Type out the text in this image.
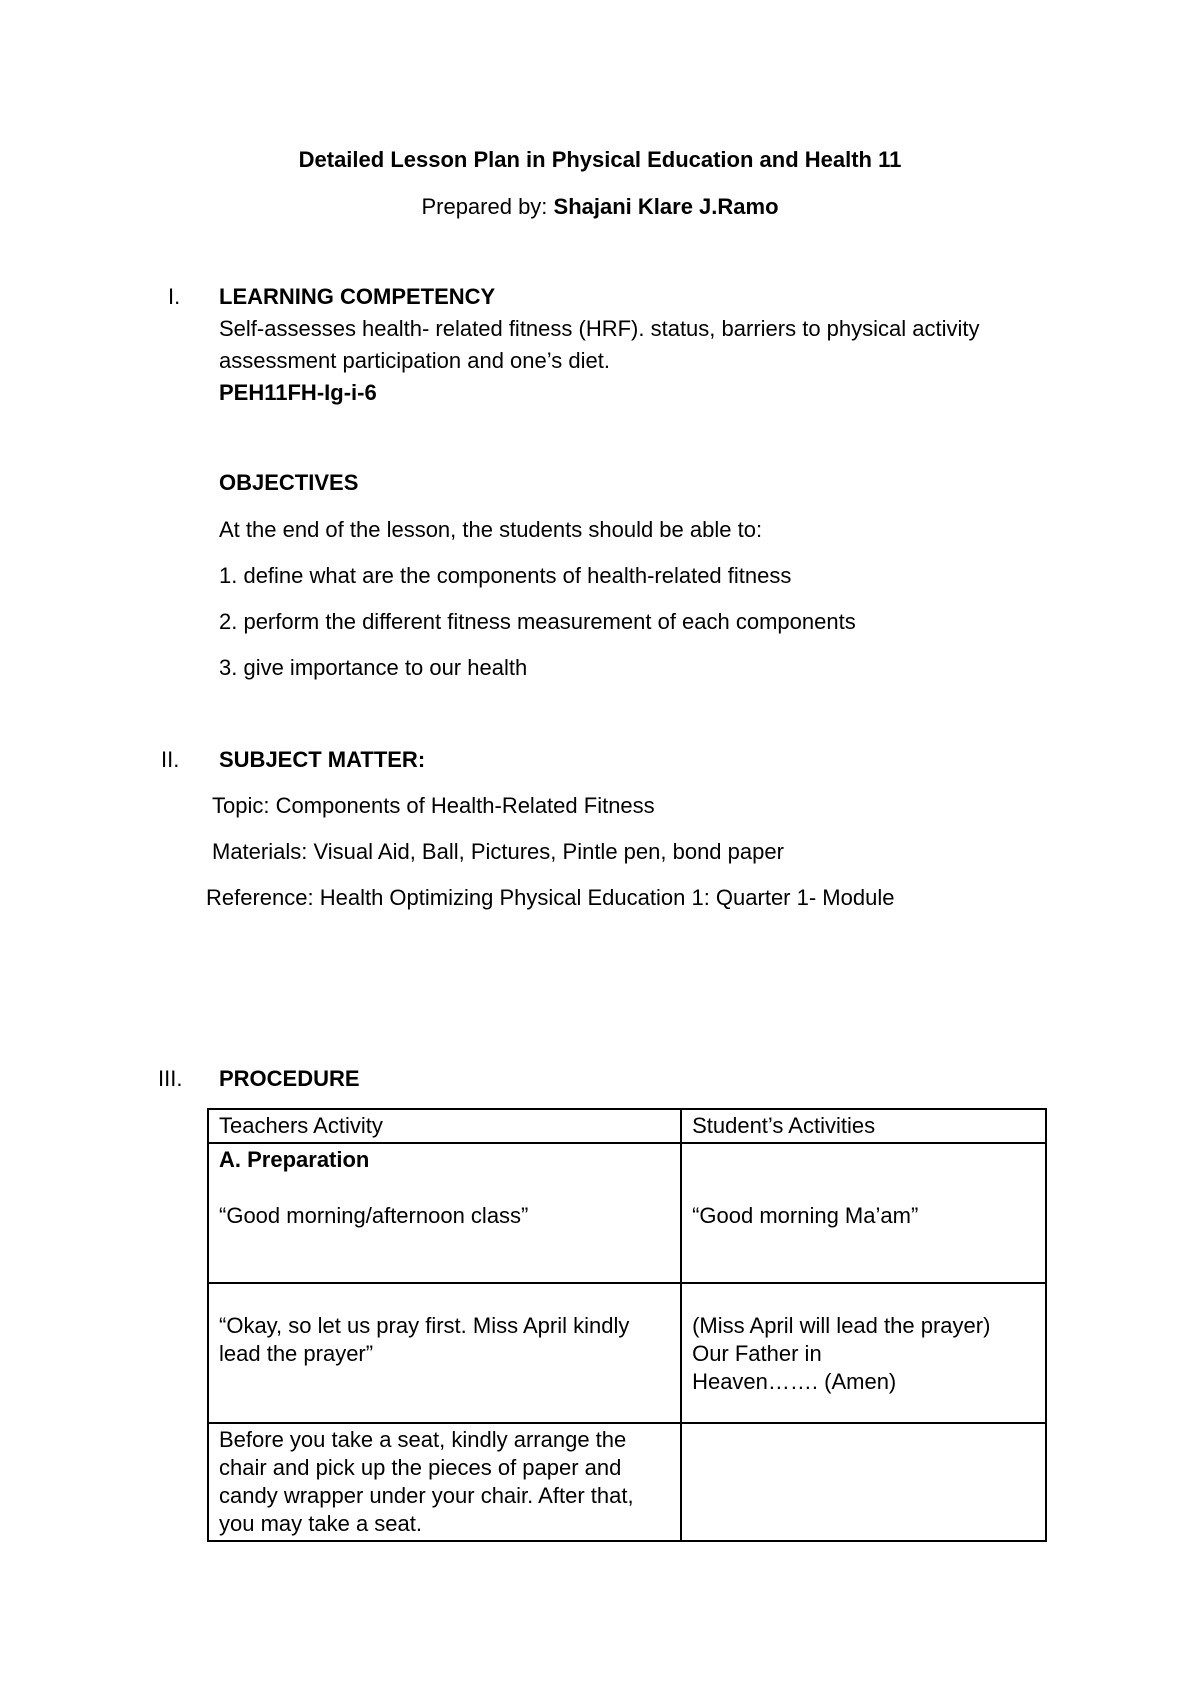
Detailed Lesson Plan in Physical Education and Health 11
Prepared by: Shajani Klare J.Ramo
I. LEARNING COMPETENCY
Self-assesses health- related fitness (HRF). status, barriers to physical activity
assessment participation and one’s diet.
PEH11FH-Ig-i-6
OBJECTIVES
At the end of the lesson, the students should be able to:
1. define what are the components of health-related fitness
2. perform the different fitness measurement of each components
3. give importance to our health
II. SUBJECT MATTER:
Topic: Components of Health-Related Fitness
Materials: Visual Aid, Ball, Pictures, Pintle pen, bond paper
Reference: Health Optimizing Physical Education 1: Quarter 1- Module
III. PROCEDURE
Teachers Activity	Student’s Activities

A. Preparation
“Good morning/afternoon class”	“Good morning Ma’am”

“Okay, so let us pray first. Miss April kindly lead the prayer”	(Miss April will lead the prayer)
Our Father in
Heaven……. (Amen)

Before you take a seat, kindly arrange the chair and pick up the pieces of paper and candy wrapper under your chair. After that, you may take a seat.	
